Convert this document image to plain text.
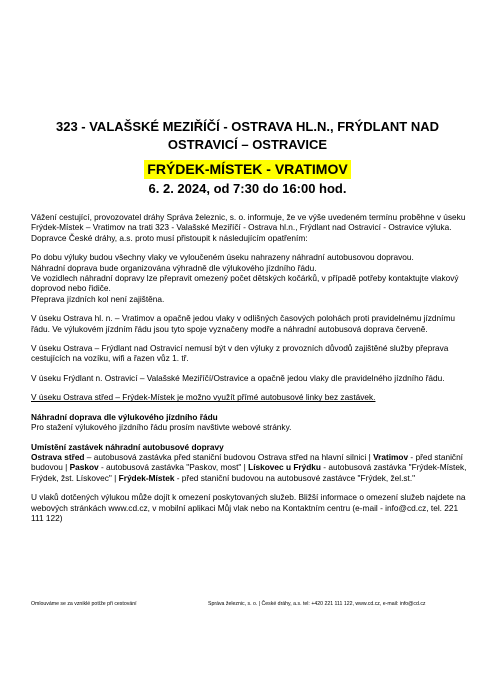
323 - VALAŠSKÉ MEZIŘÍČÍ - OSTRAVA HL.N., FRÝDLANT NAD
OSTRAVICÍ – OSTRAVICE
FRÝDEK-MÍSTEK - VRATIMOV
6. 2. 2024, od 7:30 do 16:00 hod.

Vážení cestující, provozovatel dráhy Správa železnic, s. o. informuje, že ve výše uvedeném termínu proběhne v úseku Frýdek-Místek – Vratimov na trati 323 - Valašské Meziříčí - Ostrava hl.n., Frýdlant nad Ostravicí - Ostravice výluka.

Dopravce České dráhy, a.s. proto musí přistoupit k následujícím opatřením:

Po dobu výluky budou všechny vlaky ve vyloučeném úseku nahrazeny náhradní autobusovou dopravou.

Náhradní doprava bude organizována výhradně dle výlukového jízdního řádu.

Ve vozidlech náhradní dopravy lze přepravit omezený počet dětských kočárků, v případě potřeby kontaktujte vlakový doprovod nebo řidiče.

Přeprava jízdních kol není zajištěna.

V úseku Ostrava hl. n. – Vratimov a opačně jedou vlaky v odlišných časových polohách proti pravidelnému jízdnímu řádu. Ve výlukovém jízdním řádu jsou tyto spoje vyznačeny modře a náhradní autobusová doprava červeně.

V úseku Ostrava – Frýdlant nad Ostravicí nemusí být v den výluky z provozních důvodů zajištěné služby přeprava cestujících na vozíku, wifi a řazen vůz 1. tř.

V úseku Frýdlant n. Ostravicí – Valašské Meziříčí/Ostravice a opačně jedou vlaky dle pravidelného jízdního řádu.

V úseku Ostrava střed – Frýdek-Místek je možno využít přímé autobusové linky bez zastávek.

Náhradní doprava dle výlukového jízdního řádu

Pro stažení výlukového jízdního řádu prosím navštivte webové stránky.

Umístění zastávek náhradní autobusové dopravy

Ostrava střed – autobusová zastávka před staniční budovou Ostrava střed na hlavní silnici | Vratimov - před staniční budovou | Paskov - autobusová zastávka "Paskov, most" | Lískovec u Frýdku - autobusová zastávka "Frýdek-Místek, Frýdek, žst. Lískovec" | Frýdek-Místek - před staniční budovou na autobusové zastávce "Frýdek, žel.st."

U vlaků dotčených výlukou může dojít k omezení poskytovaných služeb. Bližší informace o omezení služeb najdete na webových stránkách www.cd.cz, v mobilní aplikaci Můj vlak nebo na Kontaktním centru (e-mail - info@cd.cz, tel. 221 111 122)

Omlouváme se za vzniklé potíže při cestování	Správa železnic, s. o. | České dráhy, a.s. tel: +420 221 111 122, www.cd.cz, e-mail: info@cd.cz
